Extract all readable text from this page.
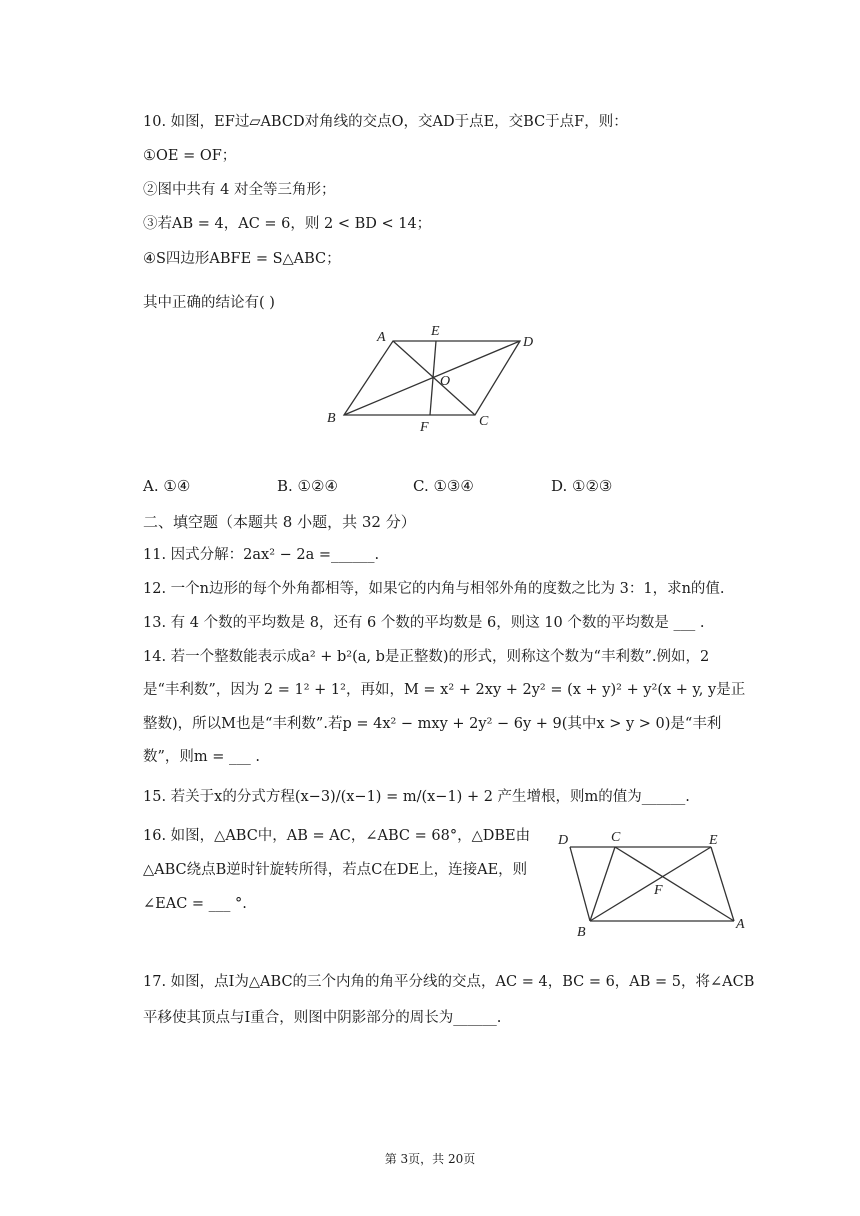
10. 如图，EF过▱ABCD对角线的交点O，交AD于点E，交BC于点F，则：
①OE = OF；
②图中共有 4 对全等三角形；
③若AB = 4，AC = 6，则 2 < BD < 14；
④S四边形ABFE = S△ABC；
其中正确的结论有( )
A	E
D
O
B
F	C
A. ①④	B. ①②④	C. ①③④	D. ①②③
二、填空题（本题共 8 小题，共 32 分）
11. 因式分解：2ax² − 2a =______.
12. 一个n边形的每个外角都相等，如果它的内角与相邻外角的度数之比为 3：1，求n的值.
13. 有 4 个数的平均数是 8，还有 6 个数的平均数是 6，则这 10 个数的平均数是 ___ .
14. 若一个整数能表示成a² + b²(a, b是正整数)的形式，则称这个数为“丰利数”.例如，2
是“丰利数”，因为 2 = 1² + 1²，再如，M = x² + 2xy + 2y² = (x + y)² + y²(x + y, y是正
整数)，所以M也是“丰利数”.若p = 4x² − mxy + 2y² − 6y + 9(其中x > y > 0)是“丰利
数”，则m = ___ .
15. 若关于x的分式方程(x−3)/(x−1) = m/(x−1) + 2 产生增根，则m的值为______.
16. 如图，△ABC中，AB = AC，∠ABC = 68°，△DBE由
△ABC绕点B逆时针旋转所得，若点C在DE上，连接AE，则
∠EAC = ___ °.
D	C	E
F
B
A
17. 如图，点I为△ABC的三个内角的角平分线的交点，AC = 4，BC = 6，AB = 5，将∠ACB
平移使其顶点与I重合，则图中阴影部分的周长为______.
第 3页，共 20页
